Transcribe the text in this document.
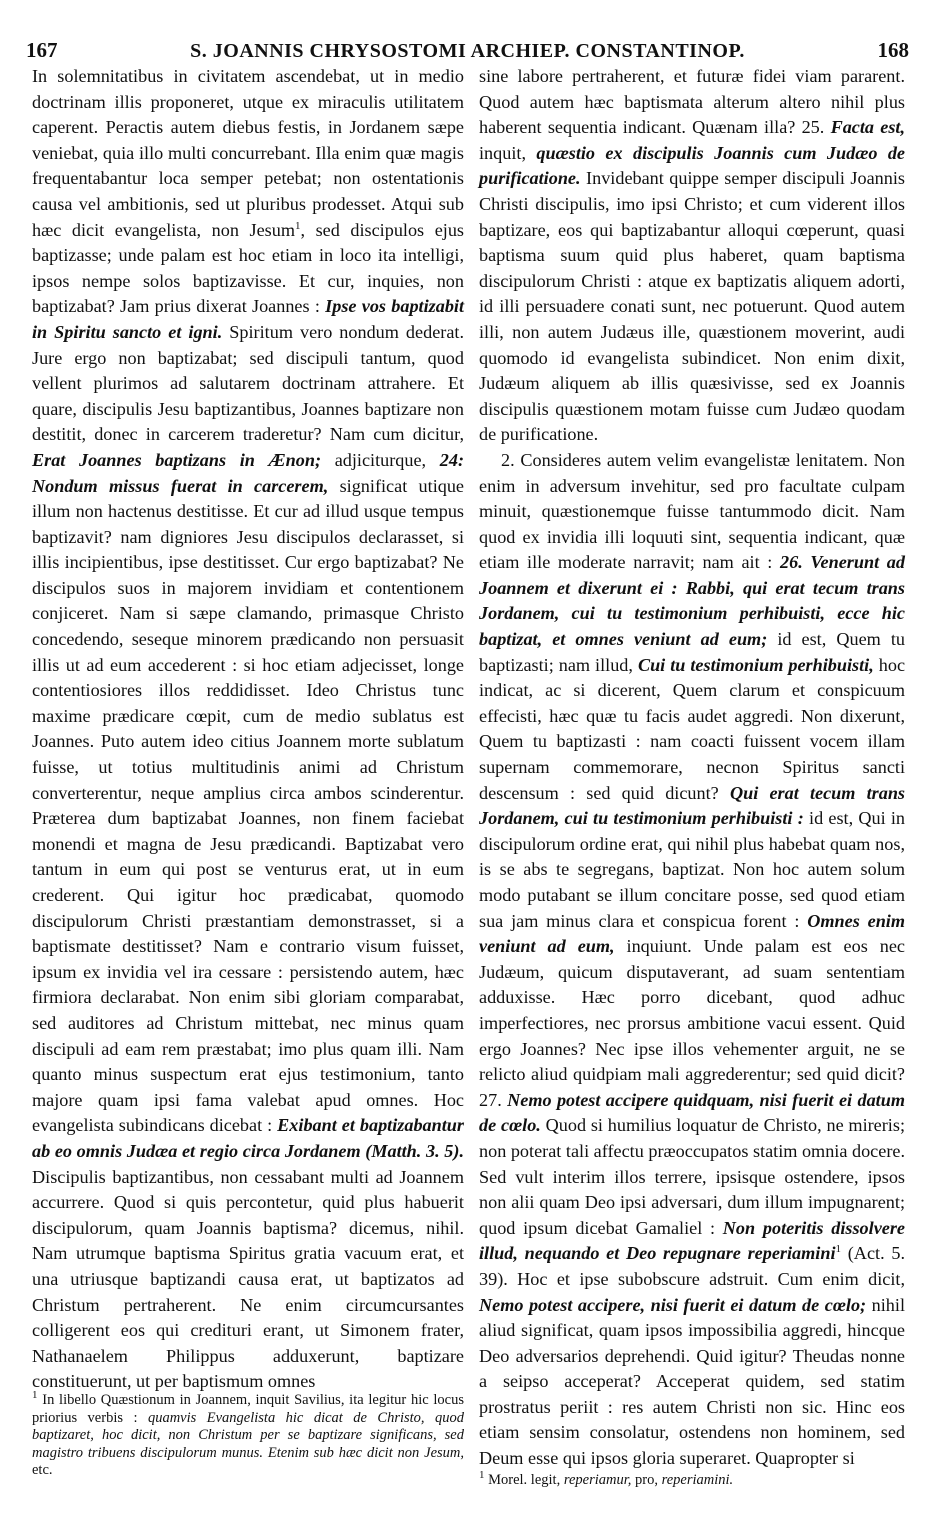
167	S. JOANNIS CHRYSOSTOMI ARCHIEP. CONSTANTINOP.	168

In solemnitatibus in civitatem ascendebat, ut in medio doctrinam illis proponeret, utque ex miraculis utilitatem caperent. Peractis autem diebus festis, in Jordanem sæpe veniebat, quia illo multi concurrebant. Illa enim quæ magis frequentabantur loca semper petebat; non ostentationis causa vel ambitionis, sed ut pluribus prodesset. Atqui sub hæc dicit evangelista, non Jesum$^1$, sed discipulos ejus baptizasse; unde palam est hoc etiam in loco ita intelligi, ipsos nempe solos baptizavisse. Et cur, inquies, non baptizabat? Jam prius dixerat Joannes : Ipse vos baptizabit in Spiritu sancto et igni. Spiritum vero nondum dederat. Jure ergo non baptizabat; sed discipuli tantum, quod vellent plurimos ad salutarem doctrinam attrahere. Et quare, discipulis Jesu baptizantibus, Joannes baptizare non destitit, donec in carcerem traderetur? Nam cum dicitur, Erat Joannes baptizans in Ænon; adjiciturque, 24: Nondum missus fuerat in carcerem, significat utique illum non hactenus destitisse. Et cur ad illud usque tempus baptizavit? nam digniores Jesu discipulos declarasset, si illis incipientibus, ipse destitisset. Cur ergo baptizabat? Ne discipulos suos in majorem invidiam et contentionem conjiceret. Nam si sæpe clamando, primasque Christo concedendo, seseque minorem prædicando non persuasit illis ut ad eum accederent : si hoc etiam adjecisset, longe contentiosiores illos reddidisset. Ideo Christus tunc maxime prædicare cœpit, cum de medio sublatus est Joannes. Puto autem ideo citius Joannem morte sublatum fuisse, ut totius multitudinis animi ad Christum converterentur, neque amplius circa ambos scinderentur. Præterea dum baptizabat Joannes, non finem faciebat monendi et magna de Jesu prædicandi. Baptizabat vero tantum in eum qui post se venturus erat, ut in eum crederent. Qui igitur hoc prædicabat, quomodo discipulorum Christi præstantiam demonstrasset, si a baptismate destitisset? Nam e contrario visum fuisset, ipsum ex invidia vel ira cessare : persistendo autem, hæc firmiora declarabat. Non enim sibi gloriam comparabat, sed auditores ad Christum mittebat, nec minus quam discipuli ad eam rem præstabat; imo plus quam illi. Nam quanto minus suspectum erat ejus testimonium, tanto majore quam ipsi fama valebat apud omnes. Hoc evangelista subindicans dicebat : Exibant et baptizabantur ab eo omnis Judæa et regio circa Jordanem (Matth. 3. 5). Discipulis baptizantibus, non cessabant multi ad Joannem accurrere. Quod si quis percontetur, quid plus habuerit discipulorum, quam Joannis baptisma? dicemus, nihil. Nam utrumque baptisma Spiritus gratia vacuum erat, et una utriusque baptizandi causa erat, ut baptizatos ad Christum pertraherent. Ne enim circumcursantes colligerent eos qui credituri erant, ut Simonem frater, Nathanaelem Philippus adduxerunt, baptizare constituerunt, ut per baptismum omnes

sine labore pertraherent, et futuræ fidei viam pararent. Quod autem hæc baptismata alterum altero nihil plus haberent sequentia indicant. Quænam illa? 25. Facta est, inquit, quæstio ex discipulis Joannis cum Judæo de purificatione. Invidebant quippe semper discipuli Joannis Christi discipulis, imo ipsi Christo; et cum viderent illos baptizare, eos qui baptizabantur alloqui cœperunt, quasi baptisma suum quid plus haberet, quam baptisma discipulorum Christi : atque ex baptizatis aliquem adorti, id illi persuadere conati sunt, nec potuerunt. Quod autem illi, non autem Judæus ille, quæstionem moverint, audi quomodo id evangelista subindicet. Non enim dixit, Judæum aliquem ab illis quæsivisse, sed ex Joannis discipulis quæstionem motam fuisse cum Judæo quodam de purificatione.

2. Consideres autem velim evangelistæ lenitatem. Non enim in adversum invehitur, sed pro facultate culpam minuit, quæstionemque fuisse tantummodo dicit. Nam quod ex invidia illi loquuti sint, sequentia indicant, quæ etiam ille moderate narravit; nam ait : 26. Venerunt ad Joannem et dixerunt ei : Rabbi, qui erat tecum trans Jordanem, cui tu testimonium perhibuisti, ecce hic baptizat, et omnes veniunt ad eum; id est, Quem tu baptizasti; nam illud, Cui tu testimonium perhibuisti, hoc indicat, ac si dicerent, Quem clarum et conspicuum effecisti, hæc quæ tu facis audet aggredi. Non dixerunt, Quem tu baptizasti : nam coacti fuissent vocem illam supernam commemorare, necnon Spiritus sancti descensum : sed quid dicunt? Qui erat tecum trans Jordanem, cui tu testimonium perhibuisti : id est, Qui in discipulorum ordine erat, qui nihil plus habebat quam nos, is se abs te segregans, baptizat. Non hoc autem solum modo putabant se illum concitare posse, sed quod etiam sua jam minus clara et conspicua forent : Omnes enim veniunt ad eum, inquiunt. Unde palam est eos nec Judæum, quicum disputaverant, ad suam sententiam adduxisse. Hæc porro dicebant, quod adhuc imperfectiores, nec prorsus ambitione vacui essent. Quid ergo Joannes? Nec ipse illos vehementer arguit, ne se relicto aliud quidpiam mali aggrederentur; sed quid dicit? 27. Nemo potest accipere quidquam, nisi fuerit ei datum de cœlo. Quod si humilius loquatur de Christo, ne mireris; non poterat tali affectu præoccupatos statim omnia docere. Sed vult interim illos terrere, ipsisque ostendere, ipsos non alii quam Deo ipsi adversari, dum illum impugnarent; quod ipsum dicebat Gamaliel : Non poteritis dissolvere illud, nequando et Deo repugnare reperiamini$^1$ (Act. 5. 39). Hoc et ipse subobscure adstruit. Cum enim dicit, Nemo potest accipere, nisi fuerit ei datum de cœlo; nihil aliud significat, quam ipsos impossibilia aggredi, hincque Deo adversarios deprehendi. Quid igitur? Theudas nonne a seipso acceperat? Acceperat quidem, sed statim prostratus periit : res autem Christi non sic. Hinc eos etiam sensim consolatur, ostendens non hominem, sed Deum esse qui ipsos gloria superaret. Quapropter si

$^1$ In libello Quæstionum in Joannem, inquit Savilius, ita legitur hic locus priorius verbis : quamvis Evangelista hic dicat de Christo, quod baptizaret, hoc dicit, non Christum per se baptizare significans, sed magistro tribuens discipulorum munus. Etenim sub hæc dicit non Jesum, etc.	$^1$ Morel. legit, reperiamur, pro, reperiamini.
